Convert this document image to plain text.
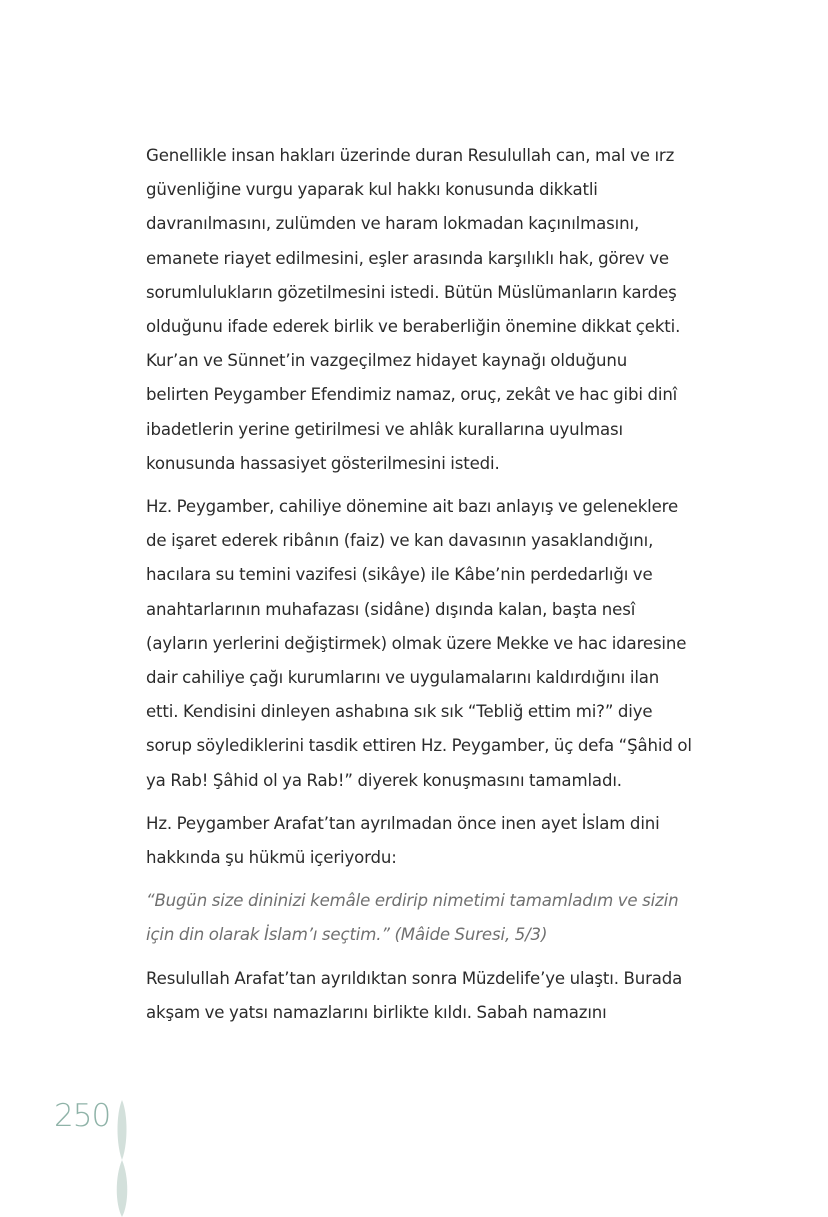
Genellikle insan hakları üzerinde duran Resulullah can, mal ve ırz güvenliğine vurgu yaparak kul hakkı konusunda dikkatli davranılmasını, zulümden ve haram lokmadan kaçınılmasını, emanete riayet edilmesini, eşler arasında karşılıklı hak, görev ve sorumlulukların gözetilmesini istedi. Bütün Müslümanların kardeş olduğunu ifade ederek birlik ve beraberliğin önemine dikkat çekti. Kur’an ve Sünnet’in vazgeçilmez hidayet kaynağı olduğunu belirten Peygamber Efendimiz namaz, oruç, zekât ve hac gibi dinî ibadetlerin yerine getirilmesi ve ahlâk kurallarına uyulması konusunda hassasiyet gösterilmesini istedi.

Hz. Peygamber, cahiliye dönemine ait bazı anlayış ve geleneklere de işaret ederek ribânın (faiz) ve kan davasının yasaklandığını, hacılara su temini vazifesi (sikâye) ile Kâbe’nin perdedarlığı ve anahtarlarının muhafazası (sidâne) dışında kalan, başta nesî (ayların yerlerini değiştirmek) olmak üzere Mekke ve hac idaresine dair cahiliye çağı kurumlarını ve uygulamalarını kaldırdığını ilan etti. Kendisini dinleyen ashabına sık sık “Tebliğ ettim mi?” diye sorup söylediklerini tasdik ettiren Hz. Peygamber, üç defa “Şâhid ol ya Rab! Şâhid ol ya Rab!” diyerek konuşmasını tamamladı.

Hz. Peygamber Arafat’tan ayrılmadan önce inen ayet İslam dini hakkında şu hükmü içeriyordu:

“Bugün size dininizi kemâle erdirip nimetimi tamamladım ve sizin için din olarak İslam’ı seçtim.” (Mâide Suresi, 5/3)

Resulullah Arafat’tan ayrıldıktan sonra Müzdelife’ye ulaştı. Burada akşam ve yatsı namazlarını birlikte kıldı. Sabah namazını

250
